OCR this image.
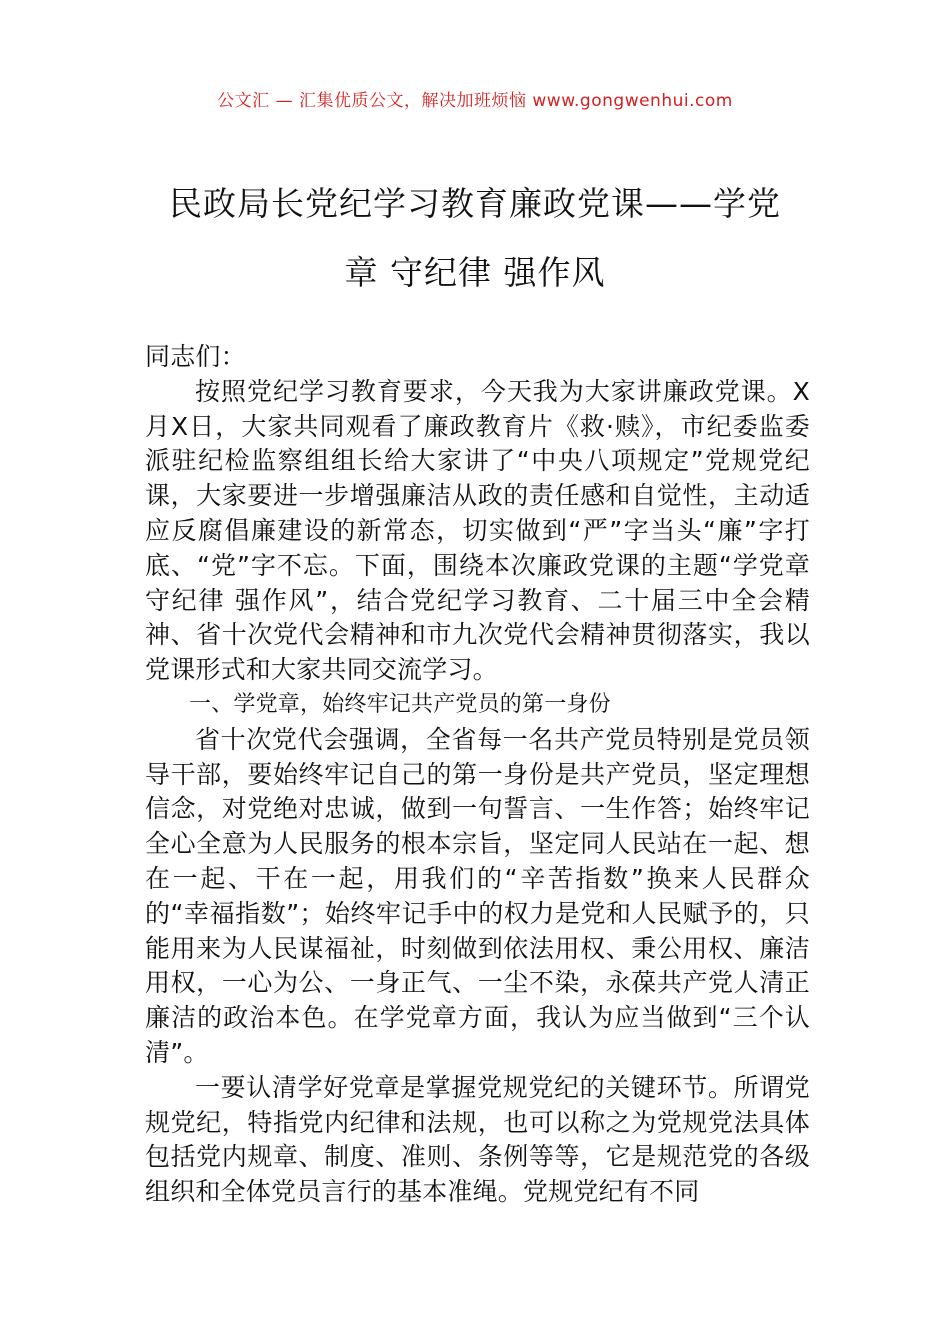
公文汇 — 汇集优质公文，解决加班烦恼 www.gongwenhui.com
民政局长党纪学习教育廉政党课——学党
章 守纪律 强作风

同志们：

按照党纪学习教育要求，今天我为大家讲廉政党课。X月X日，大家共同观看了廉政教育片《救·赎》，市纪委监委派驻纪检监察组组长给大家讲了“中央八项规定”党规党纪课，大家要进一步增强廉洁从政的责任感和自觉性，主动适应反腐倡廉建设的新常态，切实做到“严”字当头“廉”字打底、“党”字不忘。下面，围绕本次廉政党课的主题“学党章 守纪律 强作风”，结合党纪学习教育、二十届三中全会精神、省十次党代会精神和市九次党代会精神贯彻落实，我以党课形式和大家共同交流学习。

一、学党章，始终牢记共产党员的第一身份

省十次党代会强调，全省每一名共产党员特别是党员领导干部，要始终牢记自己的第一身份是共产党员，坚定理想信念，对党绝对忠诚，做到一句誓言、一生作答；始终牢记全心全意为人民服务的根本宗旨，坚定同人民站在一起、想在一起、干在一起，用我们的“辛苦指数”换来人民群众的“幸福指数”；始终牢记手中的权力是党和人民赋予的，只能用来为人民谋福祉，时刻做到依法用权、秉公用权、廉洁用权，一心为公、一身正气、一尘不染，永葆共产党人清正廉洁的政治本色。在学党章方面，我认为应当做到“三个认清”。

一要认清学好党章是掌握党规党纪的关键环节。所谓党规党纪，特指党内纪律和法规，也可以称之为党规党法具体包括党内规章、制度、准则、条例等等，它是规范党的各级组织和全体党员言行的基本准绳。党规党纪有不同
